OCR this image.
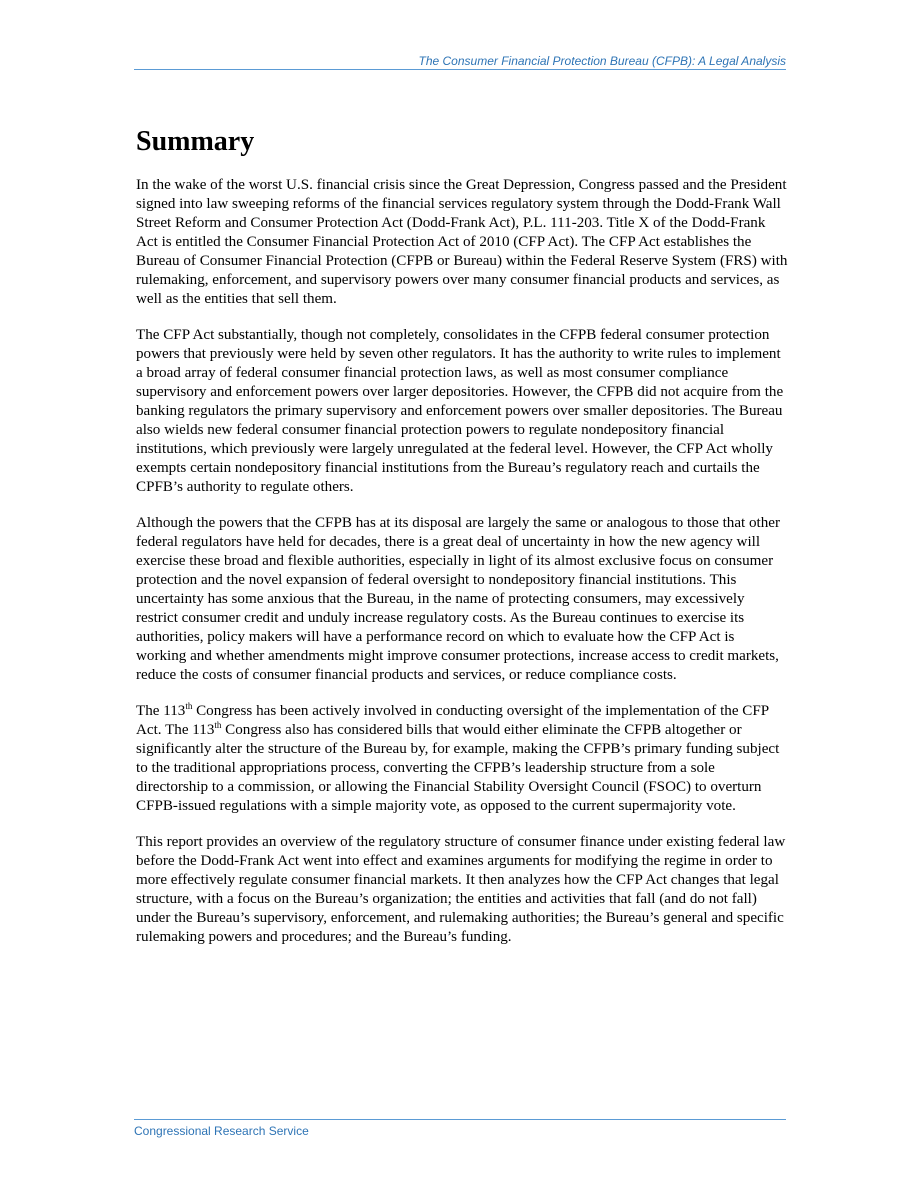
The Consumer Financial Protection Bureau (CFPB): A Legal Analysis
Summary

In the wake of the worst U.S. financial crisis since the Great Depression, Congress passed and the President signed into law sweeping reforms of the financial services regulatory system through the Dodd-Frank Wall Street Reform and Consumer Protection Act (Dodd-Frank Act), P.L. 111-203. Title X of the Dodd-Frank Act is entitled the Consumer Financial Protection Act of 2010 (CFP Act). The CFP Act establishes the Bureau of Consumer Financial Protection (CFPB or Bureau) within the Federal Reserve System (FRS) with rulemaking, enforcement, and supervisory powers over many consumer financial products and services, as well as the entities that sell them.

The CFP Act substantially, though not completely, consolidates in the CFPB federal consumer protection powers that previously were held by seven other regulators. It has the authority to write rules to implement a broad array of federal consumer financial protection laws, as well as most consumer compliance supervisory and enforcement powers over larger depositories. However, the CFPB did not acquire from the banking regulators the primary supervisory and enforcement powers over smaller depositories. The Bureau also wields new federal consumer financial protection powers to regulate nondepository financial institutions, which previously were largely unregulated at the federal level. However, the CFP Act wholly exempts certain nondepository financial institutions from the Bureau’s regulatory reach and curtails the CPFB’s authority to regulate others.

Although the powers that the CFPB has at its disposal are largely the same or analogous to those that other federal regulators have held for decades, there is a great deal of uncertainty in how the new agency will exercise these broad and flexible authorities, especially in light of its almost exclusive focus on consumer protection and the novel expansion of federal oversight to nondepository financial institutions. This uncertainty has some anxious that the Bureau, in the name of protecting consumers, may excessively restrict consumer credit and unduly increase regulatory costs. As the Bureau continues to exercise its authorities, policy makers will have a performance record on which to evaluate how the CFP Act is working and whether amendments might improve consumer protections, increase access to credit markets, reduce the costs of consumer financial products and services, or reduce compliance costs.

The 113th Congress has been actively involved in conducting oversight of the implementation of the CFP Act. The 113th Congress also has considered bills that would either eliminate the CFPB altogether or significantly alter the structure of the Bureau by, for example, making the CFPB’s primary funding subject to the traditional appropriations process, converting the CFPB’s leadership structure from a sole directorship to a commission, or allowing the Financial Stability Oversight Council (FSOC) to overturn CFPB-issued regulations with a simple majority vote, as opposed to the current supermajority vote.

This report provides an overview of the regulatory structure of consumer finance under existing federal law before the Dodd-Frank Act went into effect and examines arguments for modifying the regime in order to more effectively regulate consumer financial markets. It then analyzes how the CFP Act changes that legal structure, with a focus on the Bureau’s organization; the entities and activities that fall (and do not fall) under the Bureau’s supervisory, enforcement, and rulemaking authorities; the Bureau’s general and specific rulemaking powers and procedures; and the Bureau’s funding.

Congressional Research Service
